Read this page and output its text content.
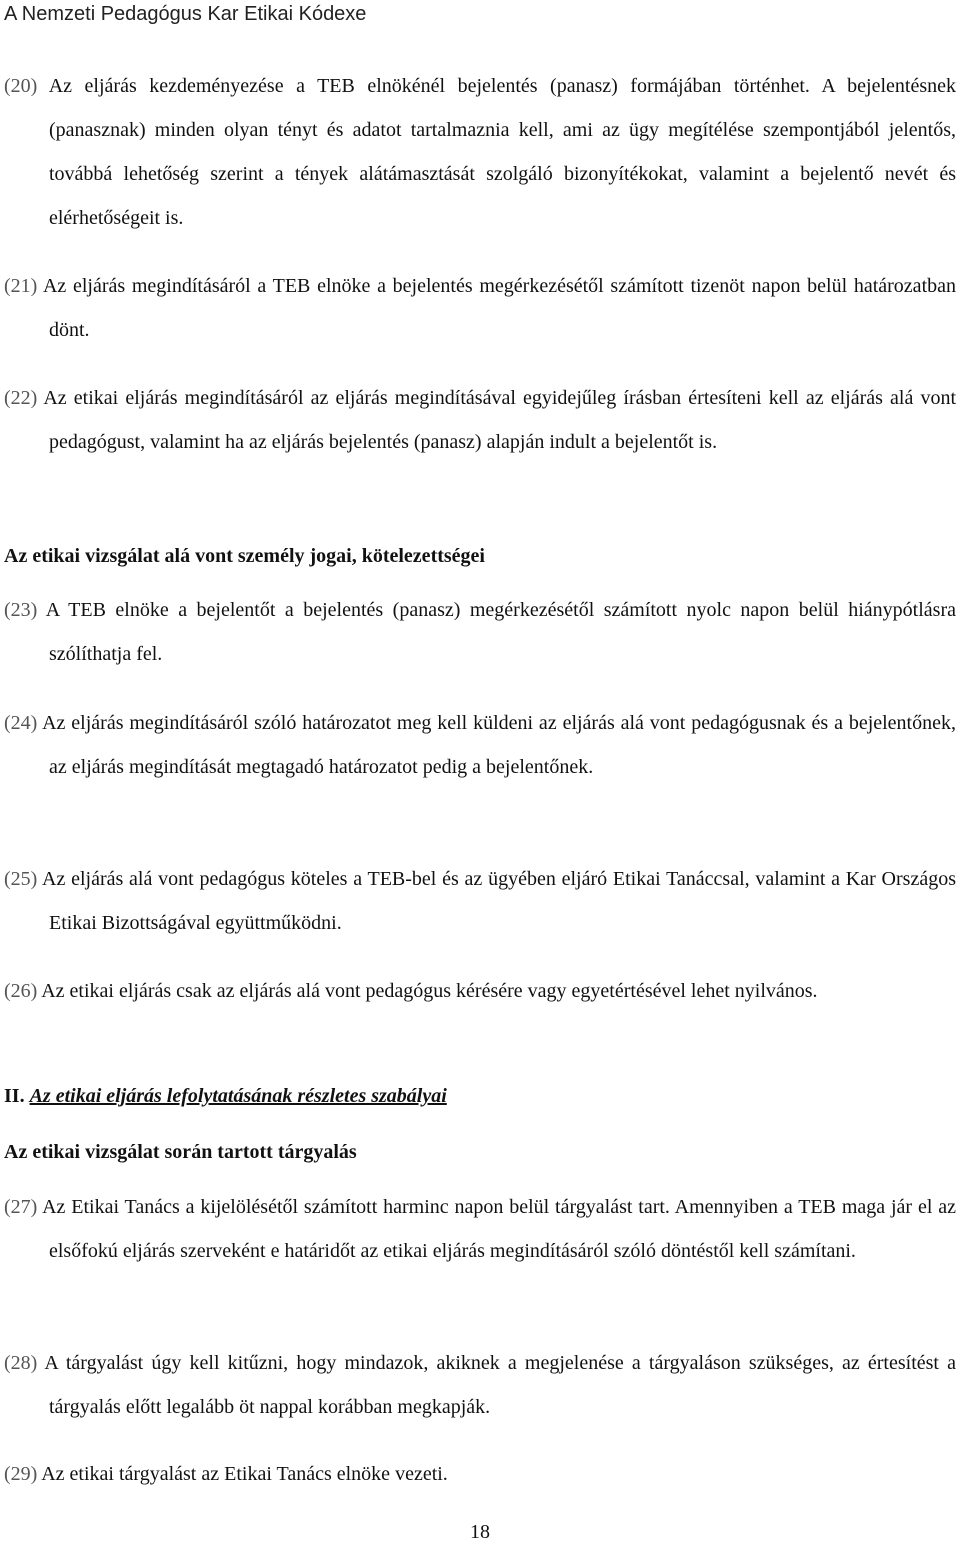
A Nemzeti Pedagógus Kar Etikai Kódexe
(20) Az eljárás kezdeményezése a TEB elnökénél bejelentés (panasz) formájában történhet. A bejelentésnek (panasznak) minden olyan tényt és adatot tartalmaznia kell, ami az ügy megítélése szempontjából jelentős, továbbá lehetőség szerint a tények alátámasztását szolgáló bizonyítékokat, valamint a bejelentő nevét és elérhetőségeit is.
(21) Az eljárás megindításáról a TEB elnöke a bejelentés megérkezésétől számított tizenöt napon belül határozatban dönt.
(22) Az etikai eljárás megindításáról az eljárás megindításával egyidejűleg írásban értesíteni kell az eljárás alá vont pedagógust, valamint ha az eljárás bejelentés (panasz) alapján indult a bejelentőt is.
Az etikai vizsgálat alá vont személy jogai, kötelezettségei
(23) A TEB elnöke a bejelentőt a bejelentés (panasz) megérkezésétől számított nyolc napon belül hiánypótlásra szólíthatja fel.
(24) Az eljárás megindításáról szóló határozatot meg kell küldeni az eljárás alá vont pedagógusnak és a bejelentőnek, az eljárás megindítását megtagadó határozatot pedig a bejelentőnek.
(25) Az eljárás alá vont pedagógus köteles a TEB-bel és az ügyében eljáró Etikai Tanáccsal, valamint a Kar Országos Etikai Bizottságával együttműködni.
(26) Az etikai eljárás csak az eljárás alá vont pedagógus kérésére vagy egyetértésével lehet nyilvános.
II. Az etikai eljárás lefolytatásának részletes szabályai
Az etikai vizsgálat során tartott tárgyalás
(27) Az Etikai Tanács a kijelölésétől számított harminc napon belül tárgyalást tart. Amennyiben a TEB maga jár el az elsőfokú eljárás szerveként e határidőt az etikai eljárás megindításáról szóló döntéstől kell számítani.
(28) A tárgyalást úgy kell kitűzni, hogy mindazok, akiknek a megjelenése a tárgyaláson szükséges, az értesítést a tárgyalás előtt legalább öt nappal korábban megkapják.
(29) Az etikai tárgyalást az Etikai Tanács elnöke vezeti.
18
